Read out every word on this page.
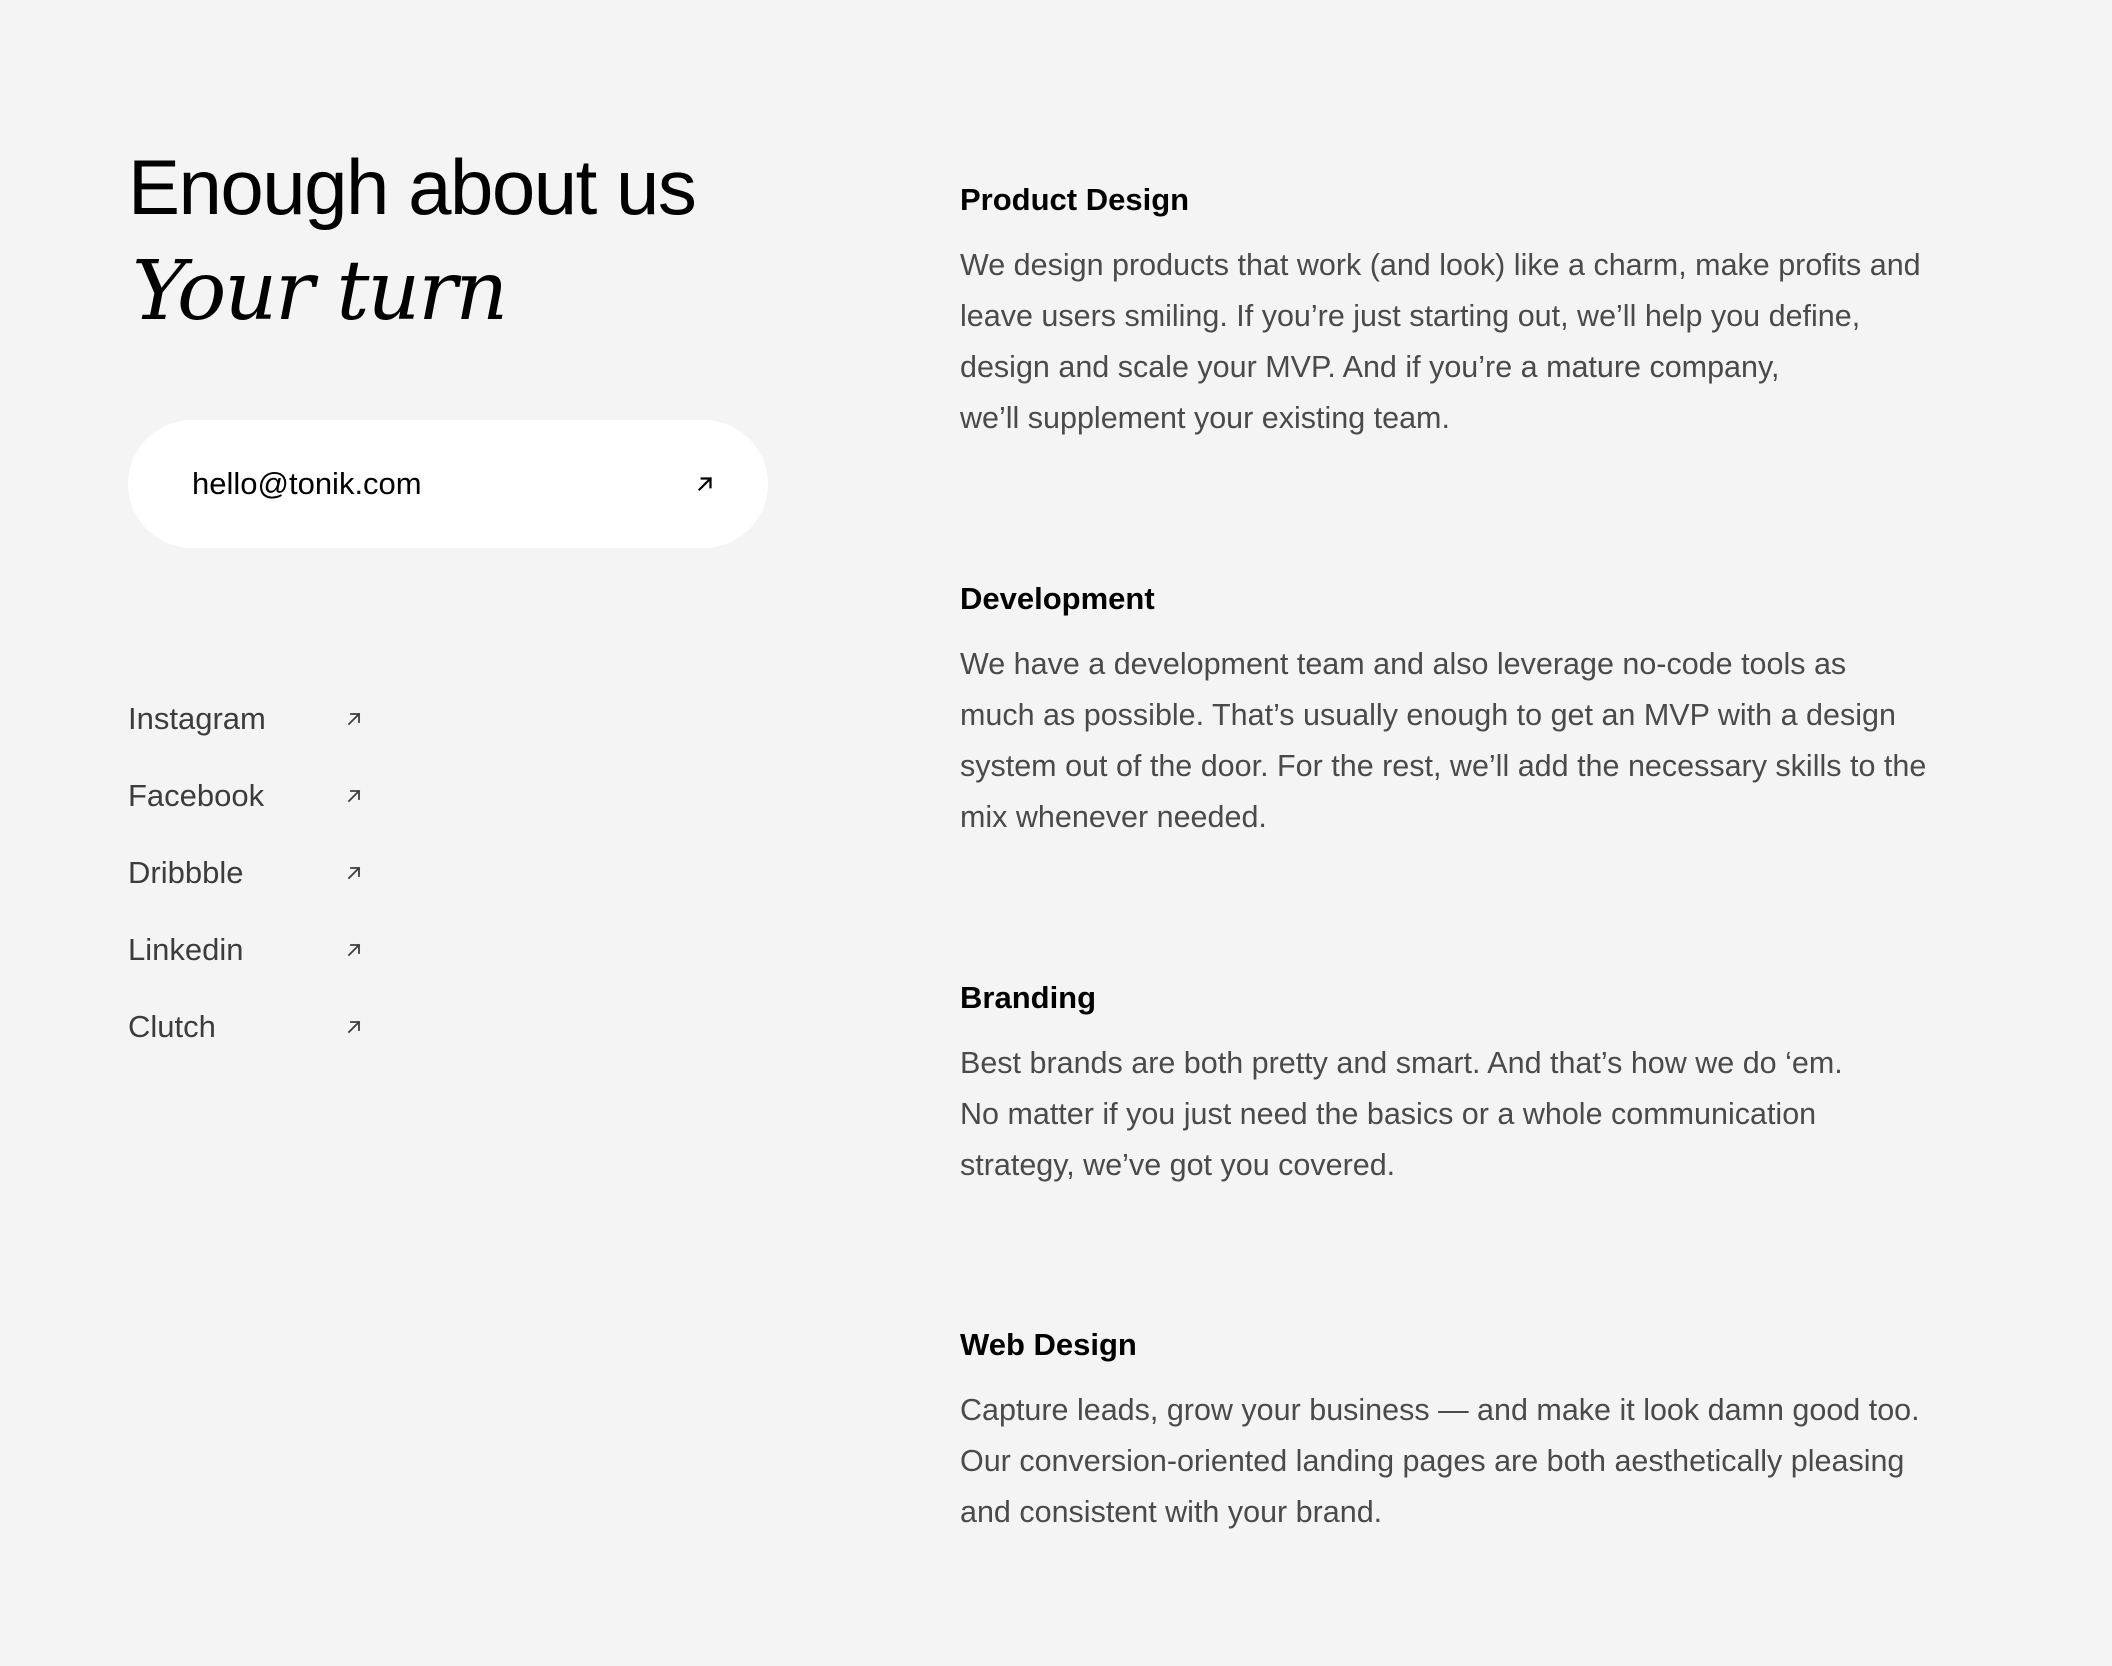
Enough about us
Your turn
hello@tonik.com
Instagram
Facebook
Dribbble
Linkedin
Clutch
Product Design

We design products that work (and look) like a charm, make profits and
leave users smiling. If you’re just starting out, we’ll help you define,
design and scale your MVP. And if you’re a mature company,
we’ll supplement your existing team.

Development

We have a development team and also leverage no-code tools as
much as possible. That’s usually enough to get an MVP with a design
system out of the door. For the rest, we’ll add the necessary skills to the
mix whenever needed.

Branding

Best brands are both pretty and smart. And that’s how we do ‘em.
No matter if you just need the basics or a whole communication
strategy, we’ve got you covered.

Web Design

Capture leads, grow your business — and make it look damn good too.
Our conversion-oriented landing pages are both aesthetically pleasing
and consistent with your brand.
